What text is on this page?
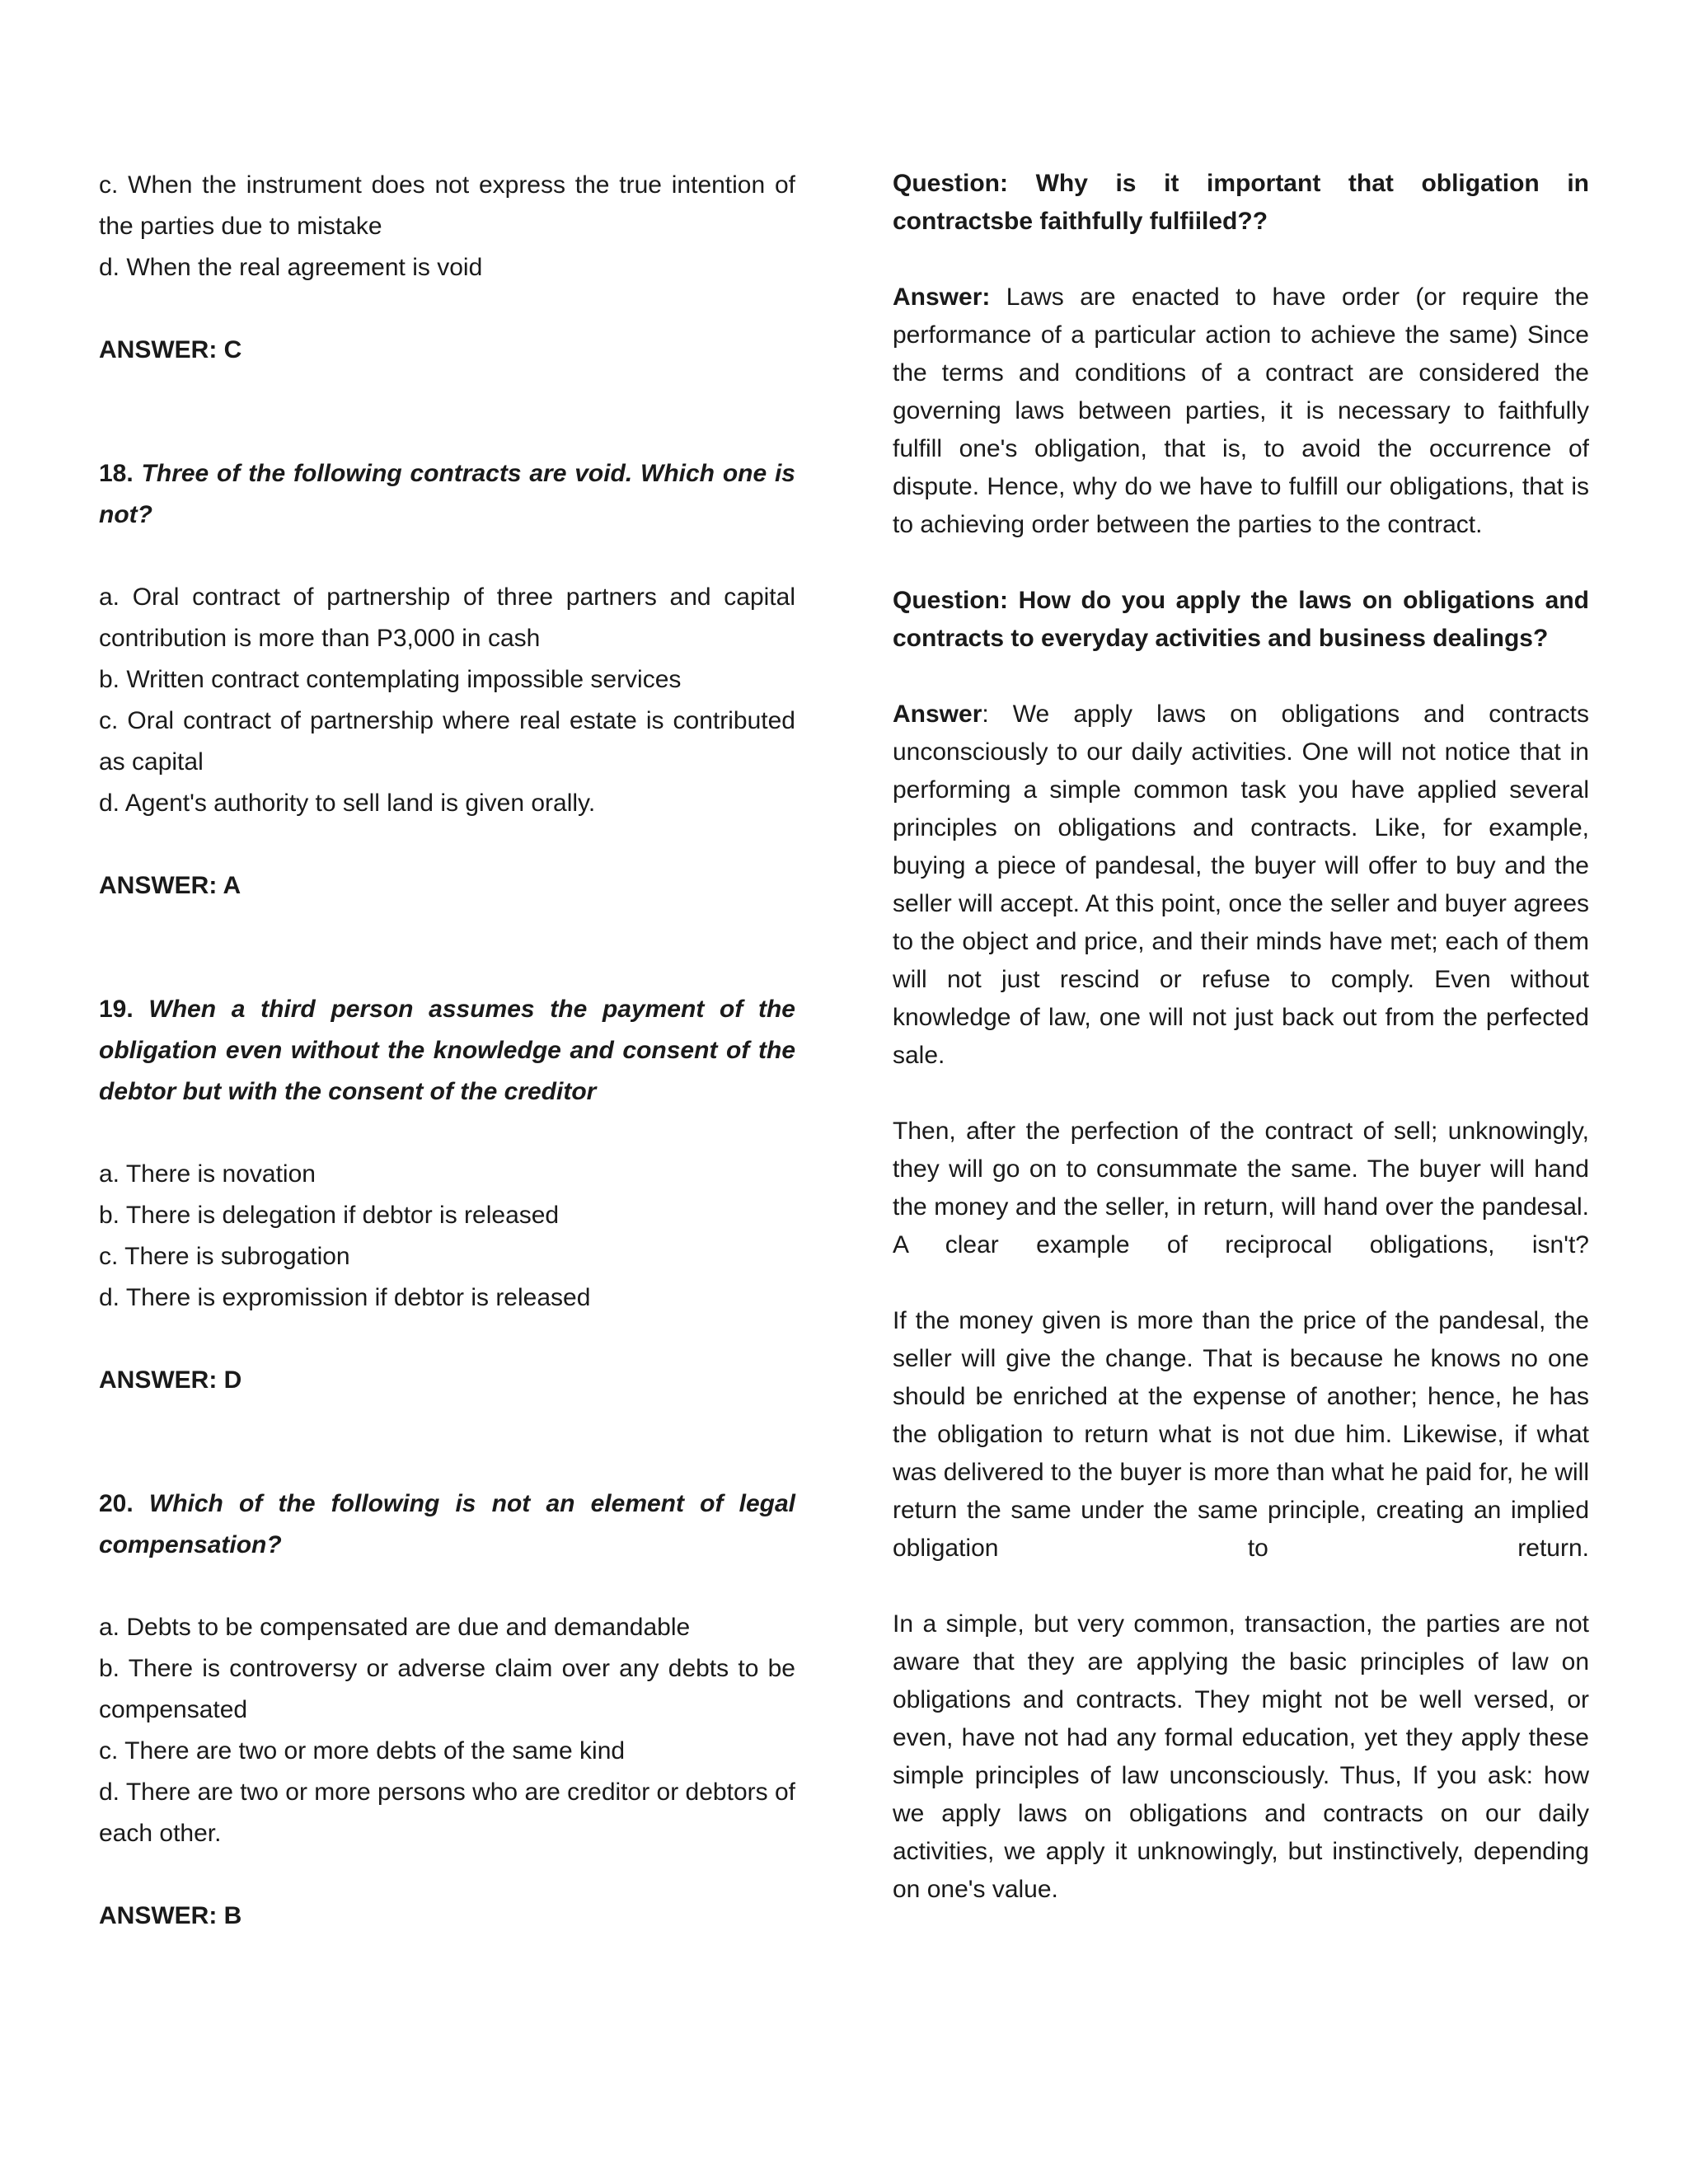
c. When the instrument does not express the true intention of the parties due to mistake

d. When the real agreement is void

ANSWER: C

18. Three of the following contracts are void. Which one is not?

a. Oral contract of partnership of three partners and capital contribution is more than P3,000 in cash

b. Written contract contemplating impossible services

c. Oral contract of partnership where real estate is contributed as capital

d. Agent's authority to sell land is given orally.

ANSWER: A

19. When a third person assumes the payment of the obligation even without the knowledge and consent of the debtor but with the consent of the creditor

a. There is novation

b. There is delegation if debtor is released

c. There is subrogation

d. There is expromission if debtor is released

ANSWER: D

20. Which of the following is not an element of legal compensation?

a. Debts to be compensated are due and demandable

b. There is controversy or adverse claim over any debts to be compensated

c. There are two or more debts of the same kind

d. There are two or more persons who are creditor or debtors of each other.

ANSWER: B

Question: Why is it important that obligation in contractsbe faithfully fulfiiled??

Answer: Laws are enacted to have order (or require the performance of a particular action to achieve the same) Since the terms and conditions of a contract are considered the governing laws between parties, it is necessary to faithfully fulfill one's obligation, that is, to avoid the occurrence of dispute. Hence, why do we have to fulfill our obligations, that is to achieving order between the parties to the contract.

Question: How do you apply the laws on obligations and contracts to everyday activities and business dealings?

Answer: We apply laws on obligations and contracts unconsciously to our daily activities. One will not notice that in performing a simple common task you have applied several principles on obligations and contracts. Like, for example, buying a piece of pandesal, the buyer will offer to buy and the seller will accept. At this point, once the seller and buyer agrees to the object and price, and their minds have met; each of them will not just rescind or refuse to comply. Even without knowledge of law, one will not just back out from the perfected sale.

Then, after the perfection of the contract of sell; unknowingly, they will go on to consummate the same. The buyer will hand the money and the seller, in return, will hand over the pandesal. A clear example of reciprocal obligations, isn't?

If the money given is more than the price of the pandesal, the seller will give the change. That is because he knows no one should be enriched at the expense of another; hence, he has the obligation to return what is not due him. Likewise, if what was delivered to the buyer is more than what he paid for, he will return the same under the same principle, creating an implied obligation to return.

In a simple, but very common, transaction, the parties are not aware that they are applying the basic principles of law on obligations and contracts. They might not be well versed, or even, have not had any formal education, yet they apply these simple principles of law unconsciously. Thus, If you ask: how we apply laws on obligations and contracts on our daily activities, we apply it unknowingly, but instinctively, depending on one's value.
